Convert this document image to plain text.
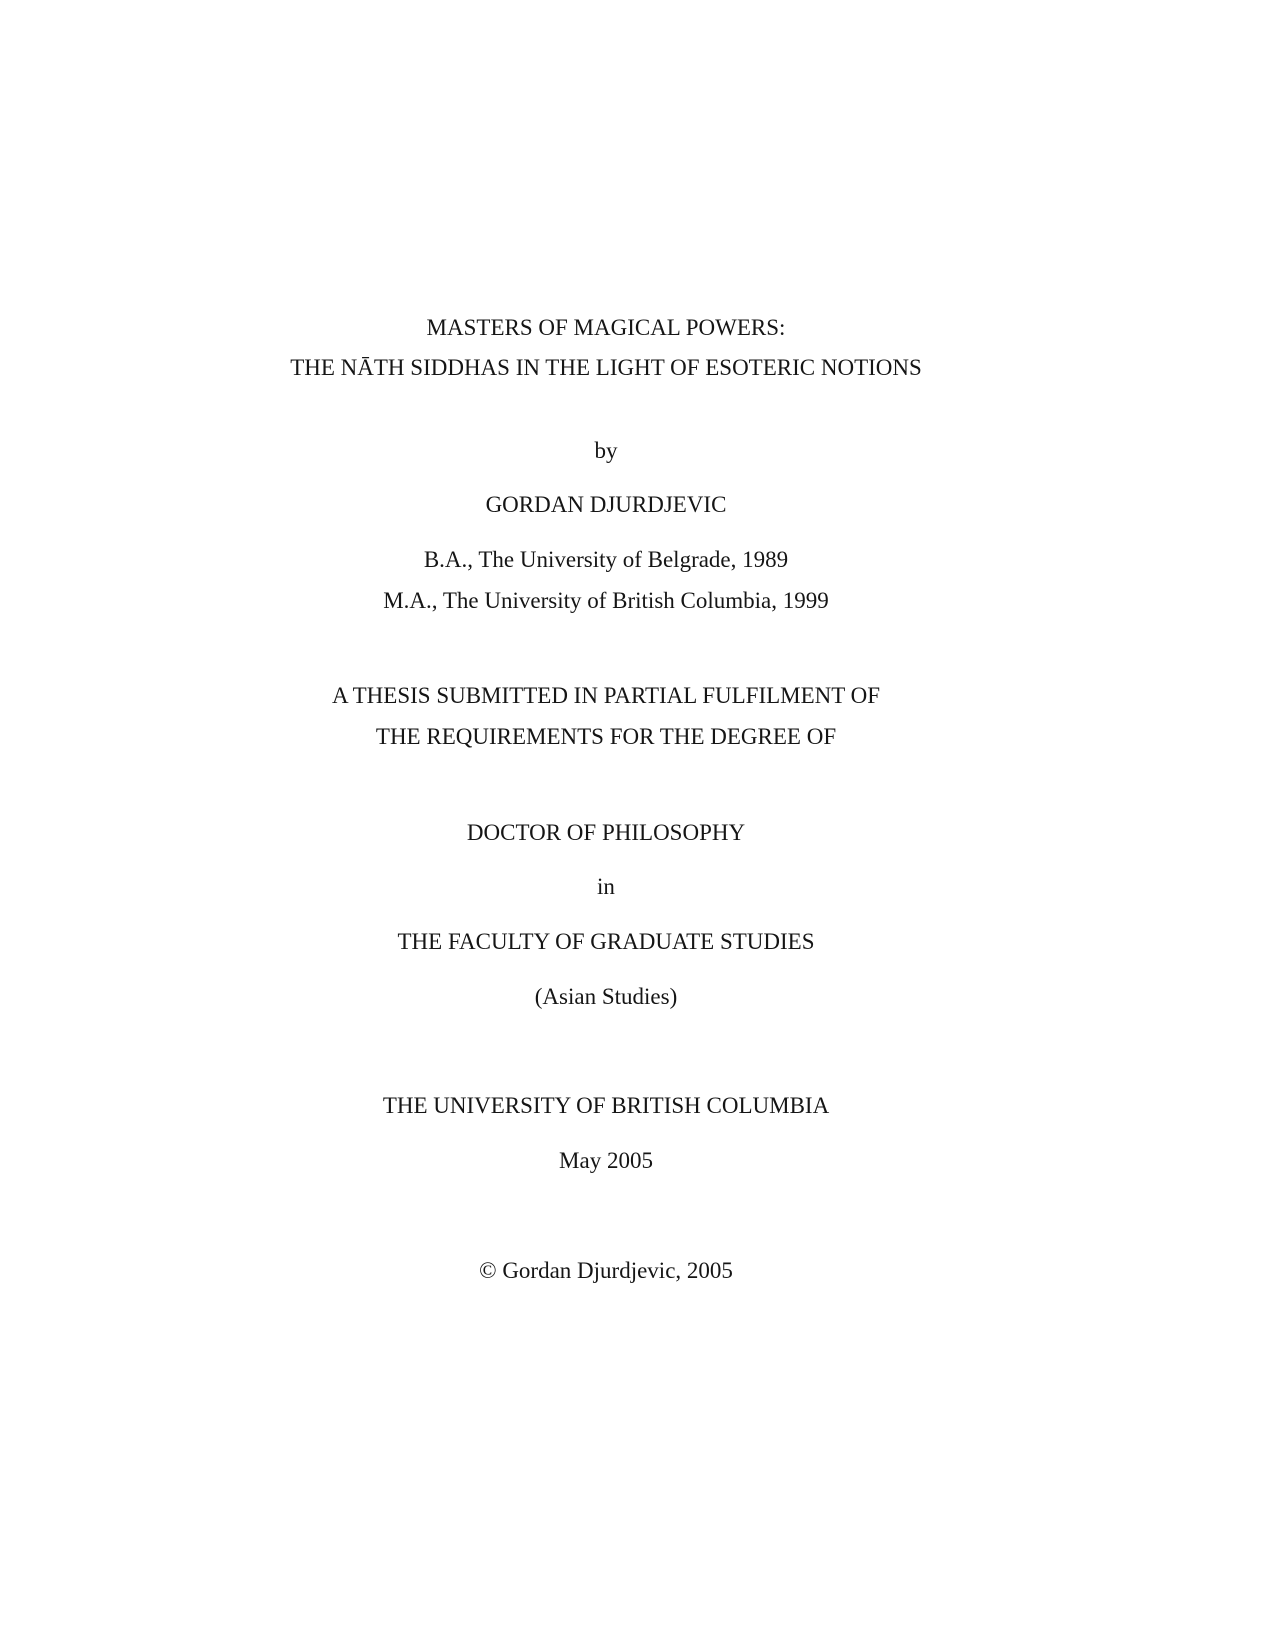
MASTERS OF MAGICAL POWERS:
THE NĀTH SIDDHAS IN THE LIGHT OF ESOTERIC NOTIONS
by
GORDAN DJURDJEVIC
B.A., The University of Belgrade, 1989
M.A., The University of British Columbia, 1999
A THESIS SUBMITTED IN PARTIAL FULFILMENT OF
THE REQUIREMENTS FOR THE DEGREE OF
DOCTOR OF PHILOSOPHY
in
THE FACULTY OF GRADUATE STUDIES
(Asian Studies)
THE UNIVERSITY OF BRITISH COLUMBIA
May 2005
© Gordan Djurdjevic, 2005
